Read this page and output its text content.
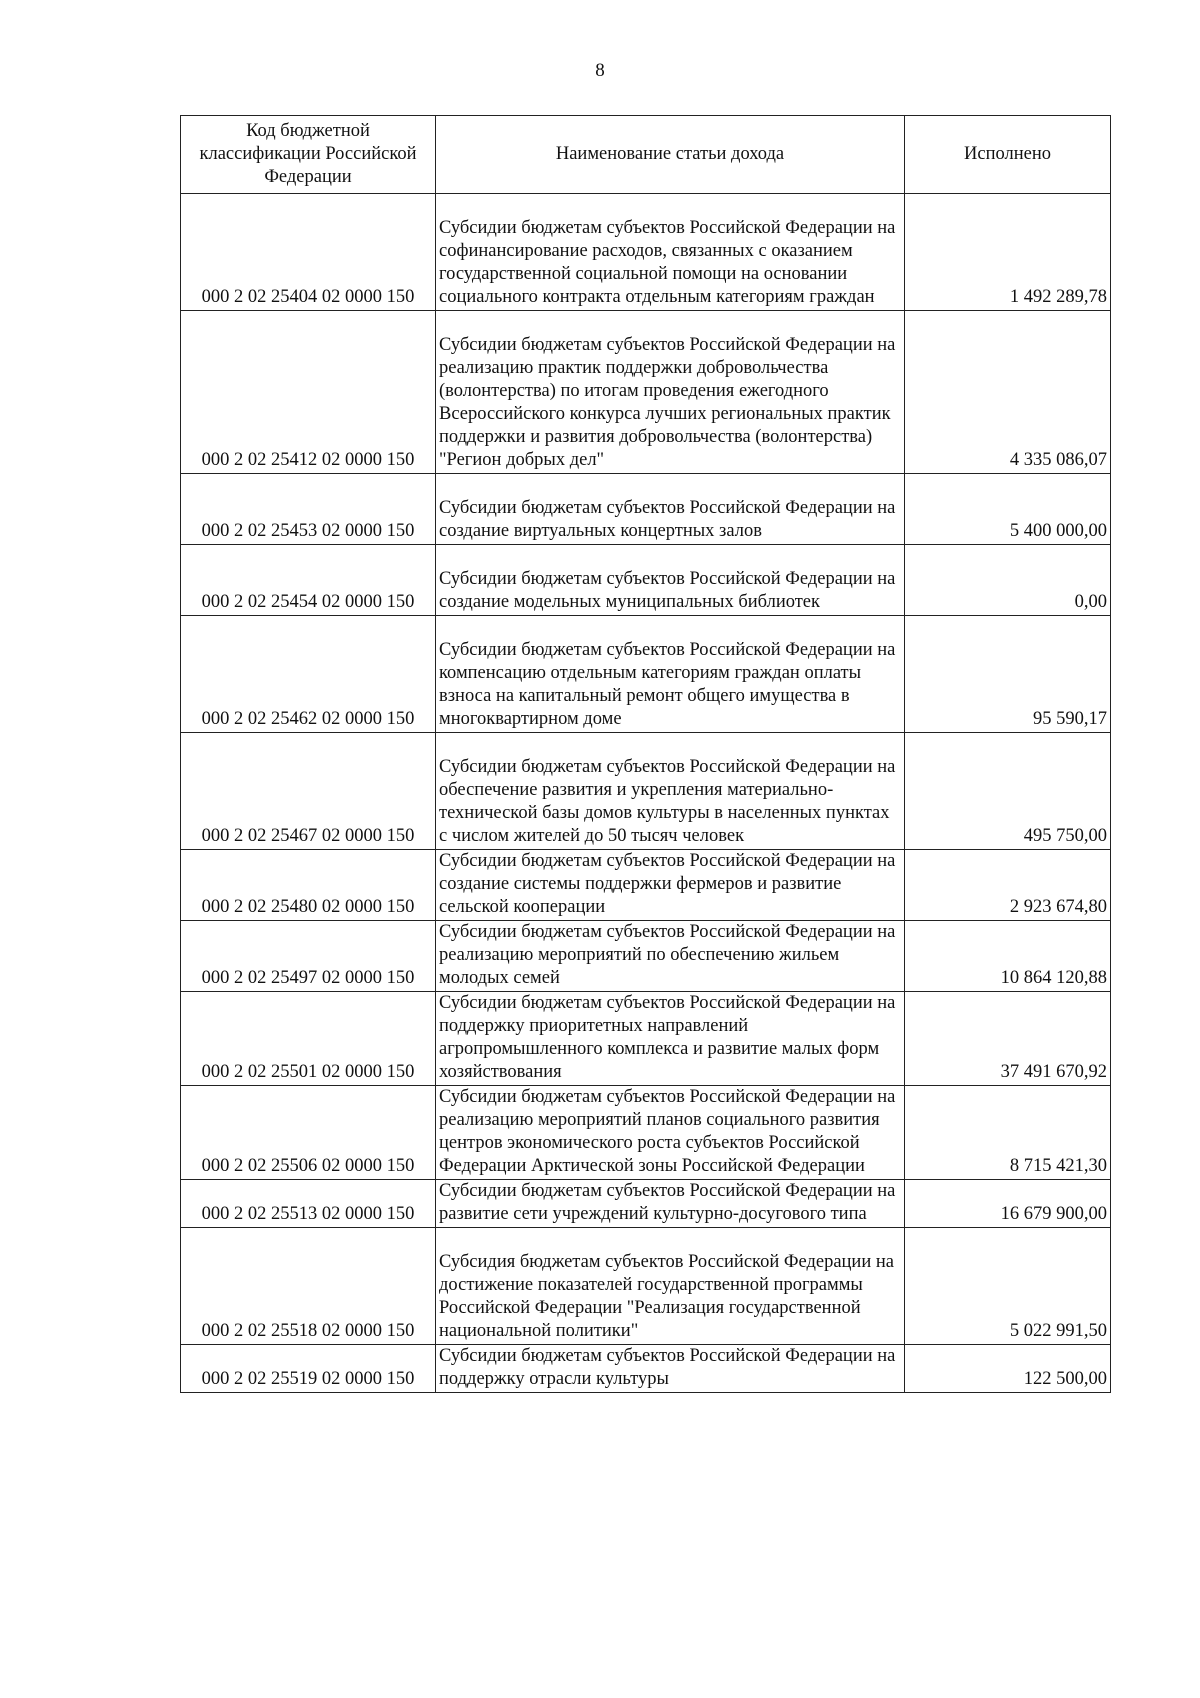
8
Код бюджетной классификации Российской Федерации	Наименование статьи дохода	Исполнено
000 2 02 25404 02 0000 150	Субсидии бюджетам субъектов Российской Федерации на софинансирование расходов, связанных с оказанием государственной социальной помощи на основании социального контракта отдельным категориям граждан	1 492 289,78
000 2 02 25412 02 0000 150	Субсидии бюджетам субъектов Российской Федерации на реализацию практик поддержки добровольчества (волонтерства) по итогам проведения ежегодного Всероссийского конкурса лучших региональных практик поддержки и развития добровольчества (волонтерства) "Регион добрых дел"	4 335 086,07
000 2 02 25453 02 0000 150	Субсидии бюджетам субъектов Российской Федерации на создание виртуальных концертных залов	5 400 000,00
000 2 02 25454 02 0000 150	Субсидии бюджетам субъектов Российской Федерации на создание модельных муниципальных библиотек	0,00
000 2 02 25462 02 0000 150	Субсидии бюджетам субъектов Российской Федерации на компенсацию отдельным категориям граждан оплаты взноса на капитальный ремонт общего имущества в многоквартирном доме	95 590,17
000 2 02 25467 02 0000 150	Субсидии бюджетам субъектов Российской Федерации на обеспечение развития и укрепления материально-технической базы домов культуры в населенных пунктах с числом жителей до 50 тысяч человек	495 750,00
000 2 02 25480 02 0000 150	Субсидии бюджетам субъектов Российской Федерации на создание системы поддержки фермеров и развитие сельской кооперации	2 923 674,80
000 2 02 25497 02 0000 150	Субсидии бюджетам субъектов Российской Федерации на реализацию мероприятий по обеспечению жильем молодых семей	10 864 120,88
000 2 02 25501 02 0000 150	Субсидии бюджетам субъектов Российской Федерации на поддержку приоритетных направлений агропромышленного комплекса и развитие малых форм хозяйствования	37 491 670,92
000 2 02 25506 02 0000 150	Субсидии бюджетам субъектов Российской Федерации на реализацию мероприятий планов социального развития центров экономического роста субъектов Российской Федерации Арктической зоны Российской Федерации	8 715 421,30
000 2 02 25513 02 0000 150	Субсидии бюджетам субъектов Российской Федерации на развитие сети учреждений культурно-досугового типа	16 679 900,00
000 2 02 25518 02 0000 150	Субсидия бюджетам субъектов Российской Федерации на достижение показателей государственной программы Российской Федерации "Реализация государственной национальной политики"	5 022 991,50
000 2 02 25519 02 0000 150	Субсидии бюджетам субъектов Российской Федерации на поддержку отрасли культуры	122 500,00
